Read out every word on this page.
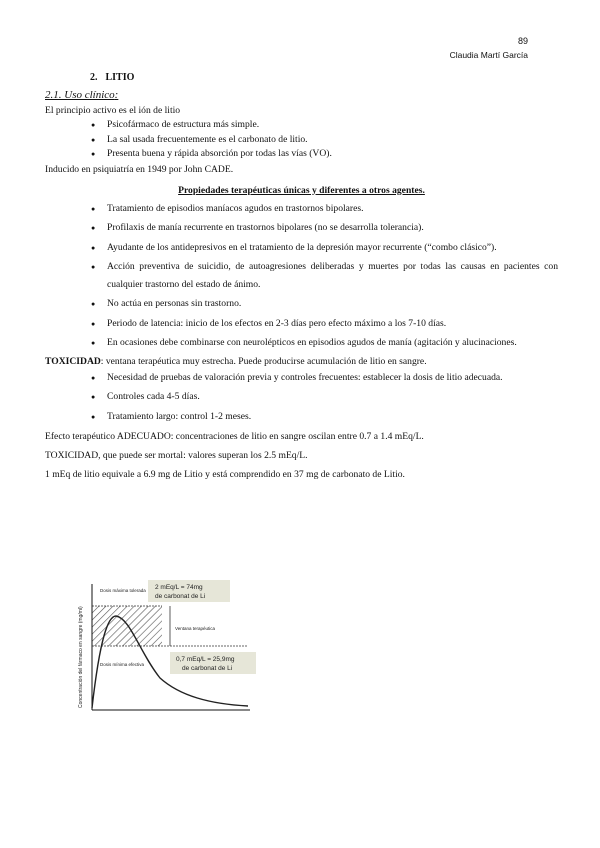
89
Claudia Martí García
2. LITIO

2.1. Uso clínico:

El principio activo es el ión de litio

● Psicofármaco de estructura más simple.
● La sal usada frecuentemente es el carbonato de litio.
● Presenta buena y rápida absorción por todas las vías (VO).

Inducido en psiquiatría en 1949 por John CADE.

Propiedades terapéuticas únicas y diferentes a otros agentes.
● Tratamiento de episodios maníacos agudos en trastornos bipolares.
● Profilaxis de manía recurrente en trastornos bipolares (no se desarrolla tolerancia).
● Ayudante de los antidepresivos en el tratamiento de la depresión mayor recurrente (“combo clásico”).
● Acción preventiva de suicidio, de autoagresiones deliberadas y muertes por todas las causas en pacientes con cualquier trastorno del estado de ánimo.
● No actúa en personas sin trastorno.
● Periodo de latencia: inicio de los efectos en 2-3 días pero efecto máximo a los 7-10 días.
● En ocasiones debe combinarse con neurolépticos en episodios agudos de manía (agitación y alucinaciones.

TOXICIDAD: ventana terapéutica muy estrecha. Puede producirse acumulación de litio en sangre.

● Necesidad de pruebas de valoración previa y controles frecuentes: establecer la dosis de litio adecuada.
● Controles cada 4-5 días.
● Tratamiento largo: control 1-2 meses.

Efecto terapéutico ADECUADO: concentraciones de litio en sangre oscilan entre 0.7 a 1.4 mEq/L.

TOXICIDAD, que puede ser mortal: valores superan los 2.5 mEq/L.

1 mEq de litio equivale a 6.9 mg de Litio y está comprendido en 37 mg de carbonato de Litio.

Concentración del fármaco en sangre (mg/ml)
Dosis máxima tolerada
Ventana terapéutica
Dosis mínima efectiva
2 mEq/L = 74mg
de carbonat de Li
0,7 mEq/L = 25,9mg
de carbonat de Li
